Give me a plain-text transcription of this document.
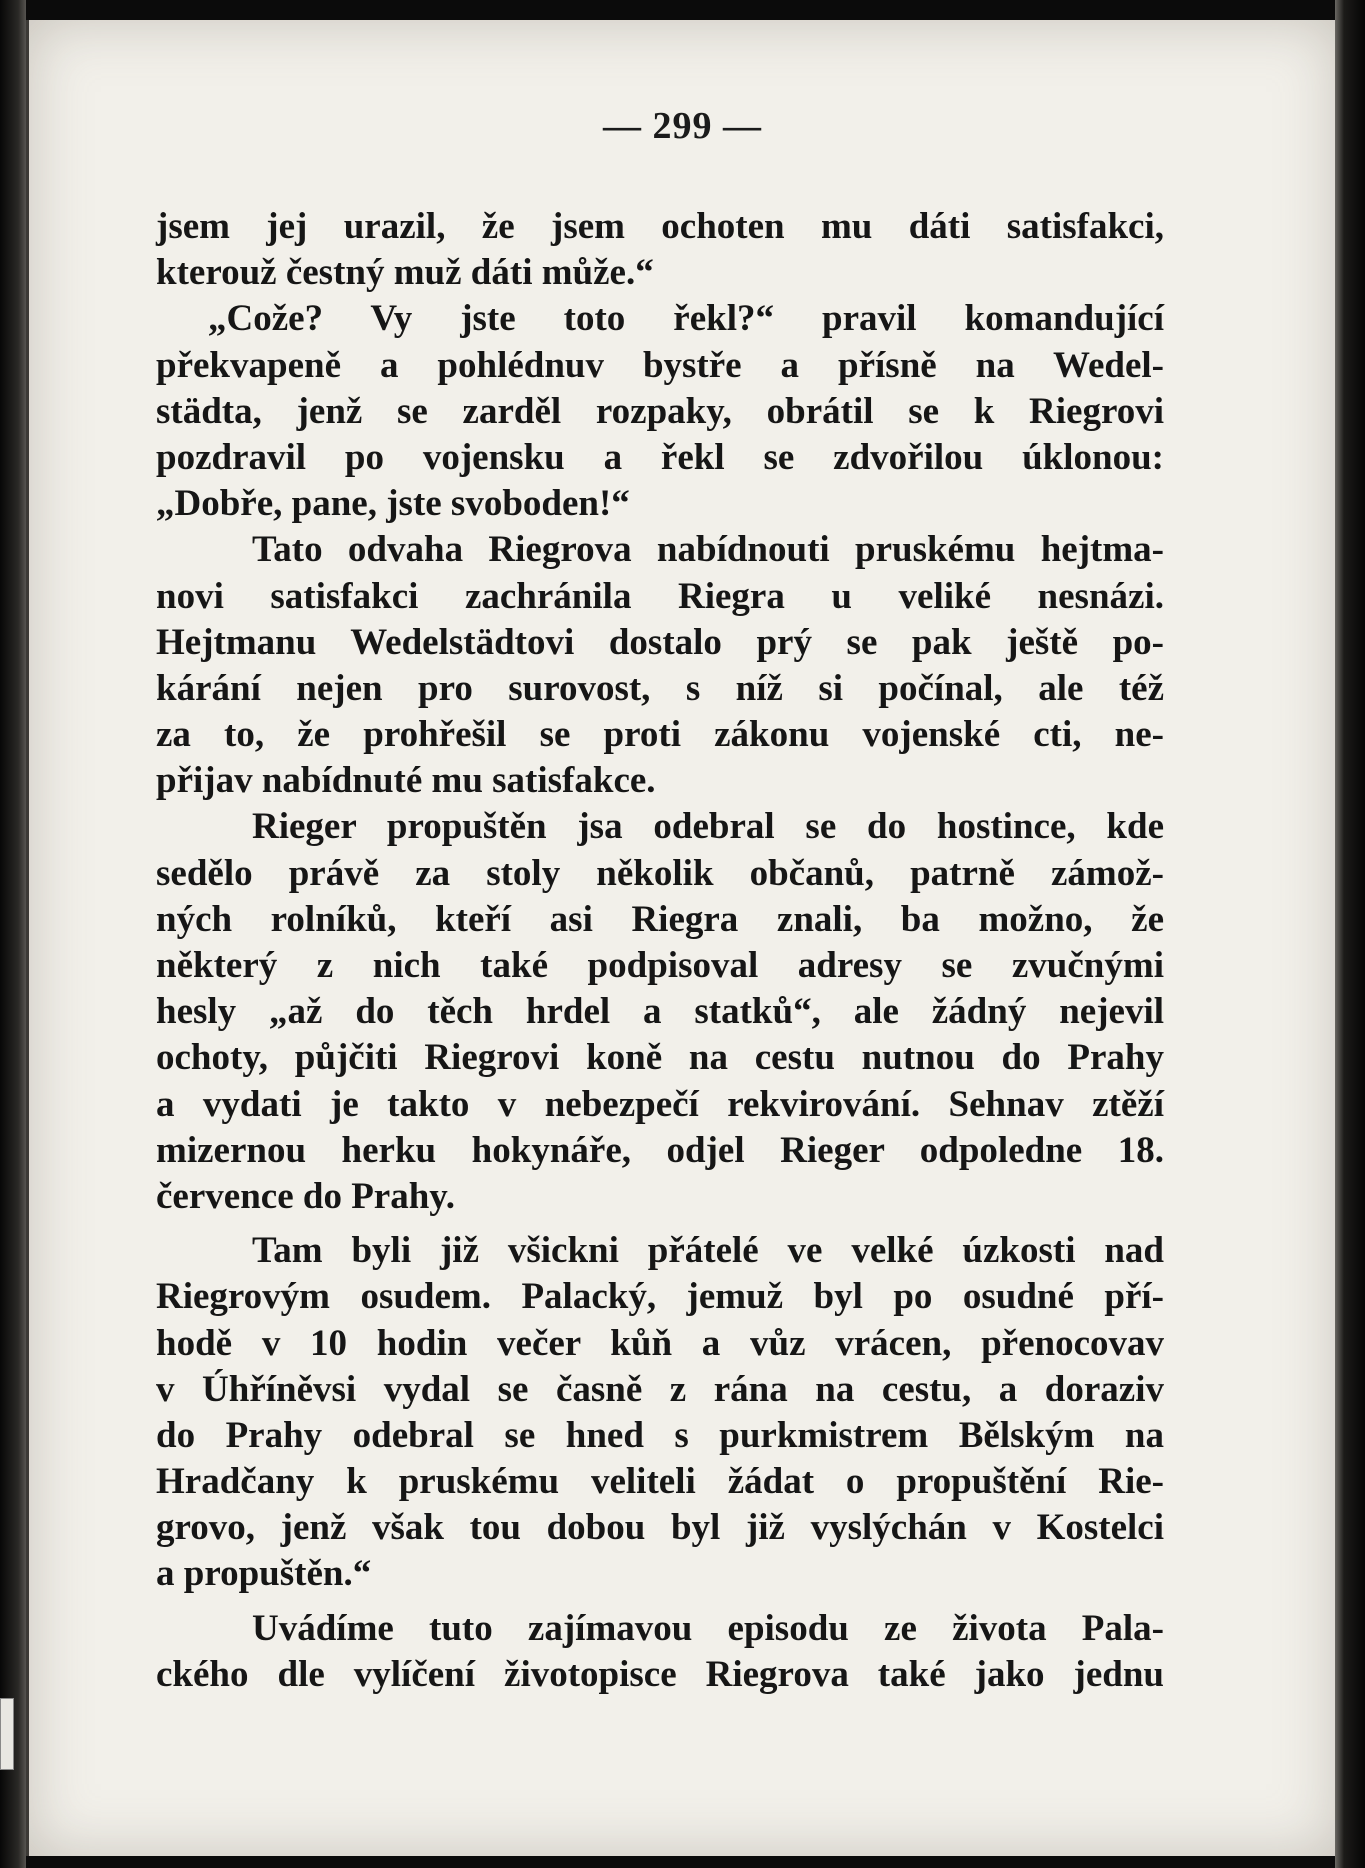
— 299 —
jsem jej urazil, že jsem ochoten mu dáti satisfakci,
kterouž čestný muž dáti může.“
„Cože? Vy jste toto řekl?“ pravil komandující
překvapeně a pohlédnuv bystře a přísně na Wedel-
städta, jenž se zarděl rozpaky, obrátil se k Riegrovi
pozdravil po vojensku a řekl se zdvořilou úklonou:
„Dobře, pane, jste svoboden!“
Tato odvaha Riegrova nabídnouti pruskému hejtma-
novi satisfakci zachránila Riegra u veliké nesnázi.
Hejtmanu Wedelstädtovi dostalo prý se pak ještě po-
kárání nejen pro surovost, s níž si počínal, ale též
za to, že prohřešil se proti zákonu vojenské cti, ne-
přijav nabídnuté mu satisfakce.
Rieger propuštěn jsa odebral se do hostince, kde
sedělo právě za stoly několik občanů, patrně zámož-
ných rolníků, kteří asi Riegra znali, ba možno, že
některý z nich také podpisoval adresy se zvučnými
hesly „až do těch hrdel a statků“, ale žádný nejevil
ochoty, půjčiti Riegrovi koně na cestu nutnou do Prahy
a vydati je takto v nebezpečí rekvirování. Sehnav ztěží
mizernou herku hokynáře, odjel Rieger odpoledne 18.
července do Prahy.
Tam byli již všickni přátelé ve velké úzkosti nad
Riegrovým osudem. Palacký, jemuž byl po osudné pří-
hodě v 10 hodin večer kůň a vůz vrácen, přenocovav
v Úhříněvsi vydal se časně z rána na cestu, a doraziv
do Prahy odebral se hned s purkmistrem Bělským na
Hradčany k pruskému veliteli žádat o propuštění Rie-
grovo, jenž však tou dobou byl již vyslýchán v Kostelci
a propuštěn.“
Uvádíme tuto zajímavou episodu ze života Pala-
ckého dle vylíčení životopisce Riegrova také jako jednu
